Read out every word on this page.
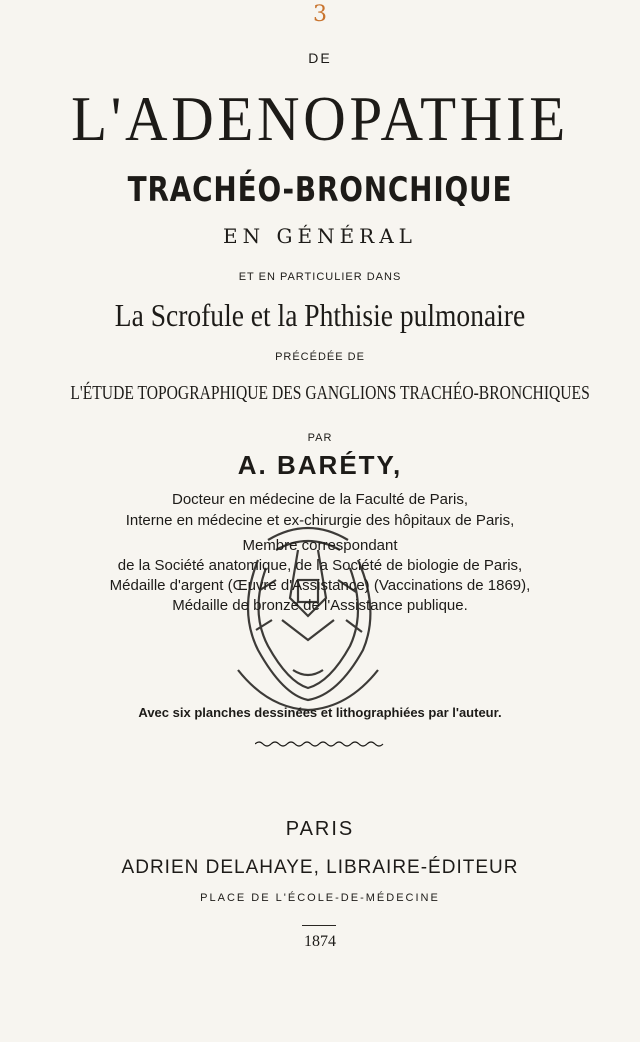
3
DE
L'ADENOPATHIE
TRACHÉO-BRONCHIQUE
EN GÉNÉRAL
ET EN PARTICULIER DANS
La Scrofule et la Phthisie pulmonaire
PRÉCÉDÉE DE
L'ÉTUDE TOPOGRAPHIQUE DES GANGLIONS TRACHÉO-BRONCHIQUES
PAR
A. BARÉTY,
Docteur en médecine de la Faculté de Paris,
Interne en médecine et ex-chirurgie des hôpitaux de Paris,
Membre correspondant
de la Société anatomique, de la Société de biologie de Paris,
Médaille d'argent (Œuvre d'Assistance) (Vaccinations de 1869),
Médaille de bronze de l'Assistance publique.
Avec six planches dessinées et lithographiées par l'auteur.
PARIS
ADRIEN DELAHAYE, LIBRAIRE-ÉDITEUR
PLACE DE L'ÉCOLE-DE-MÉDECINE
1874
